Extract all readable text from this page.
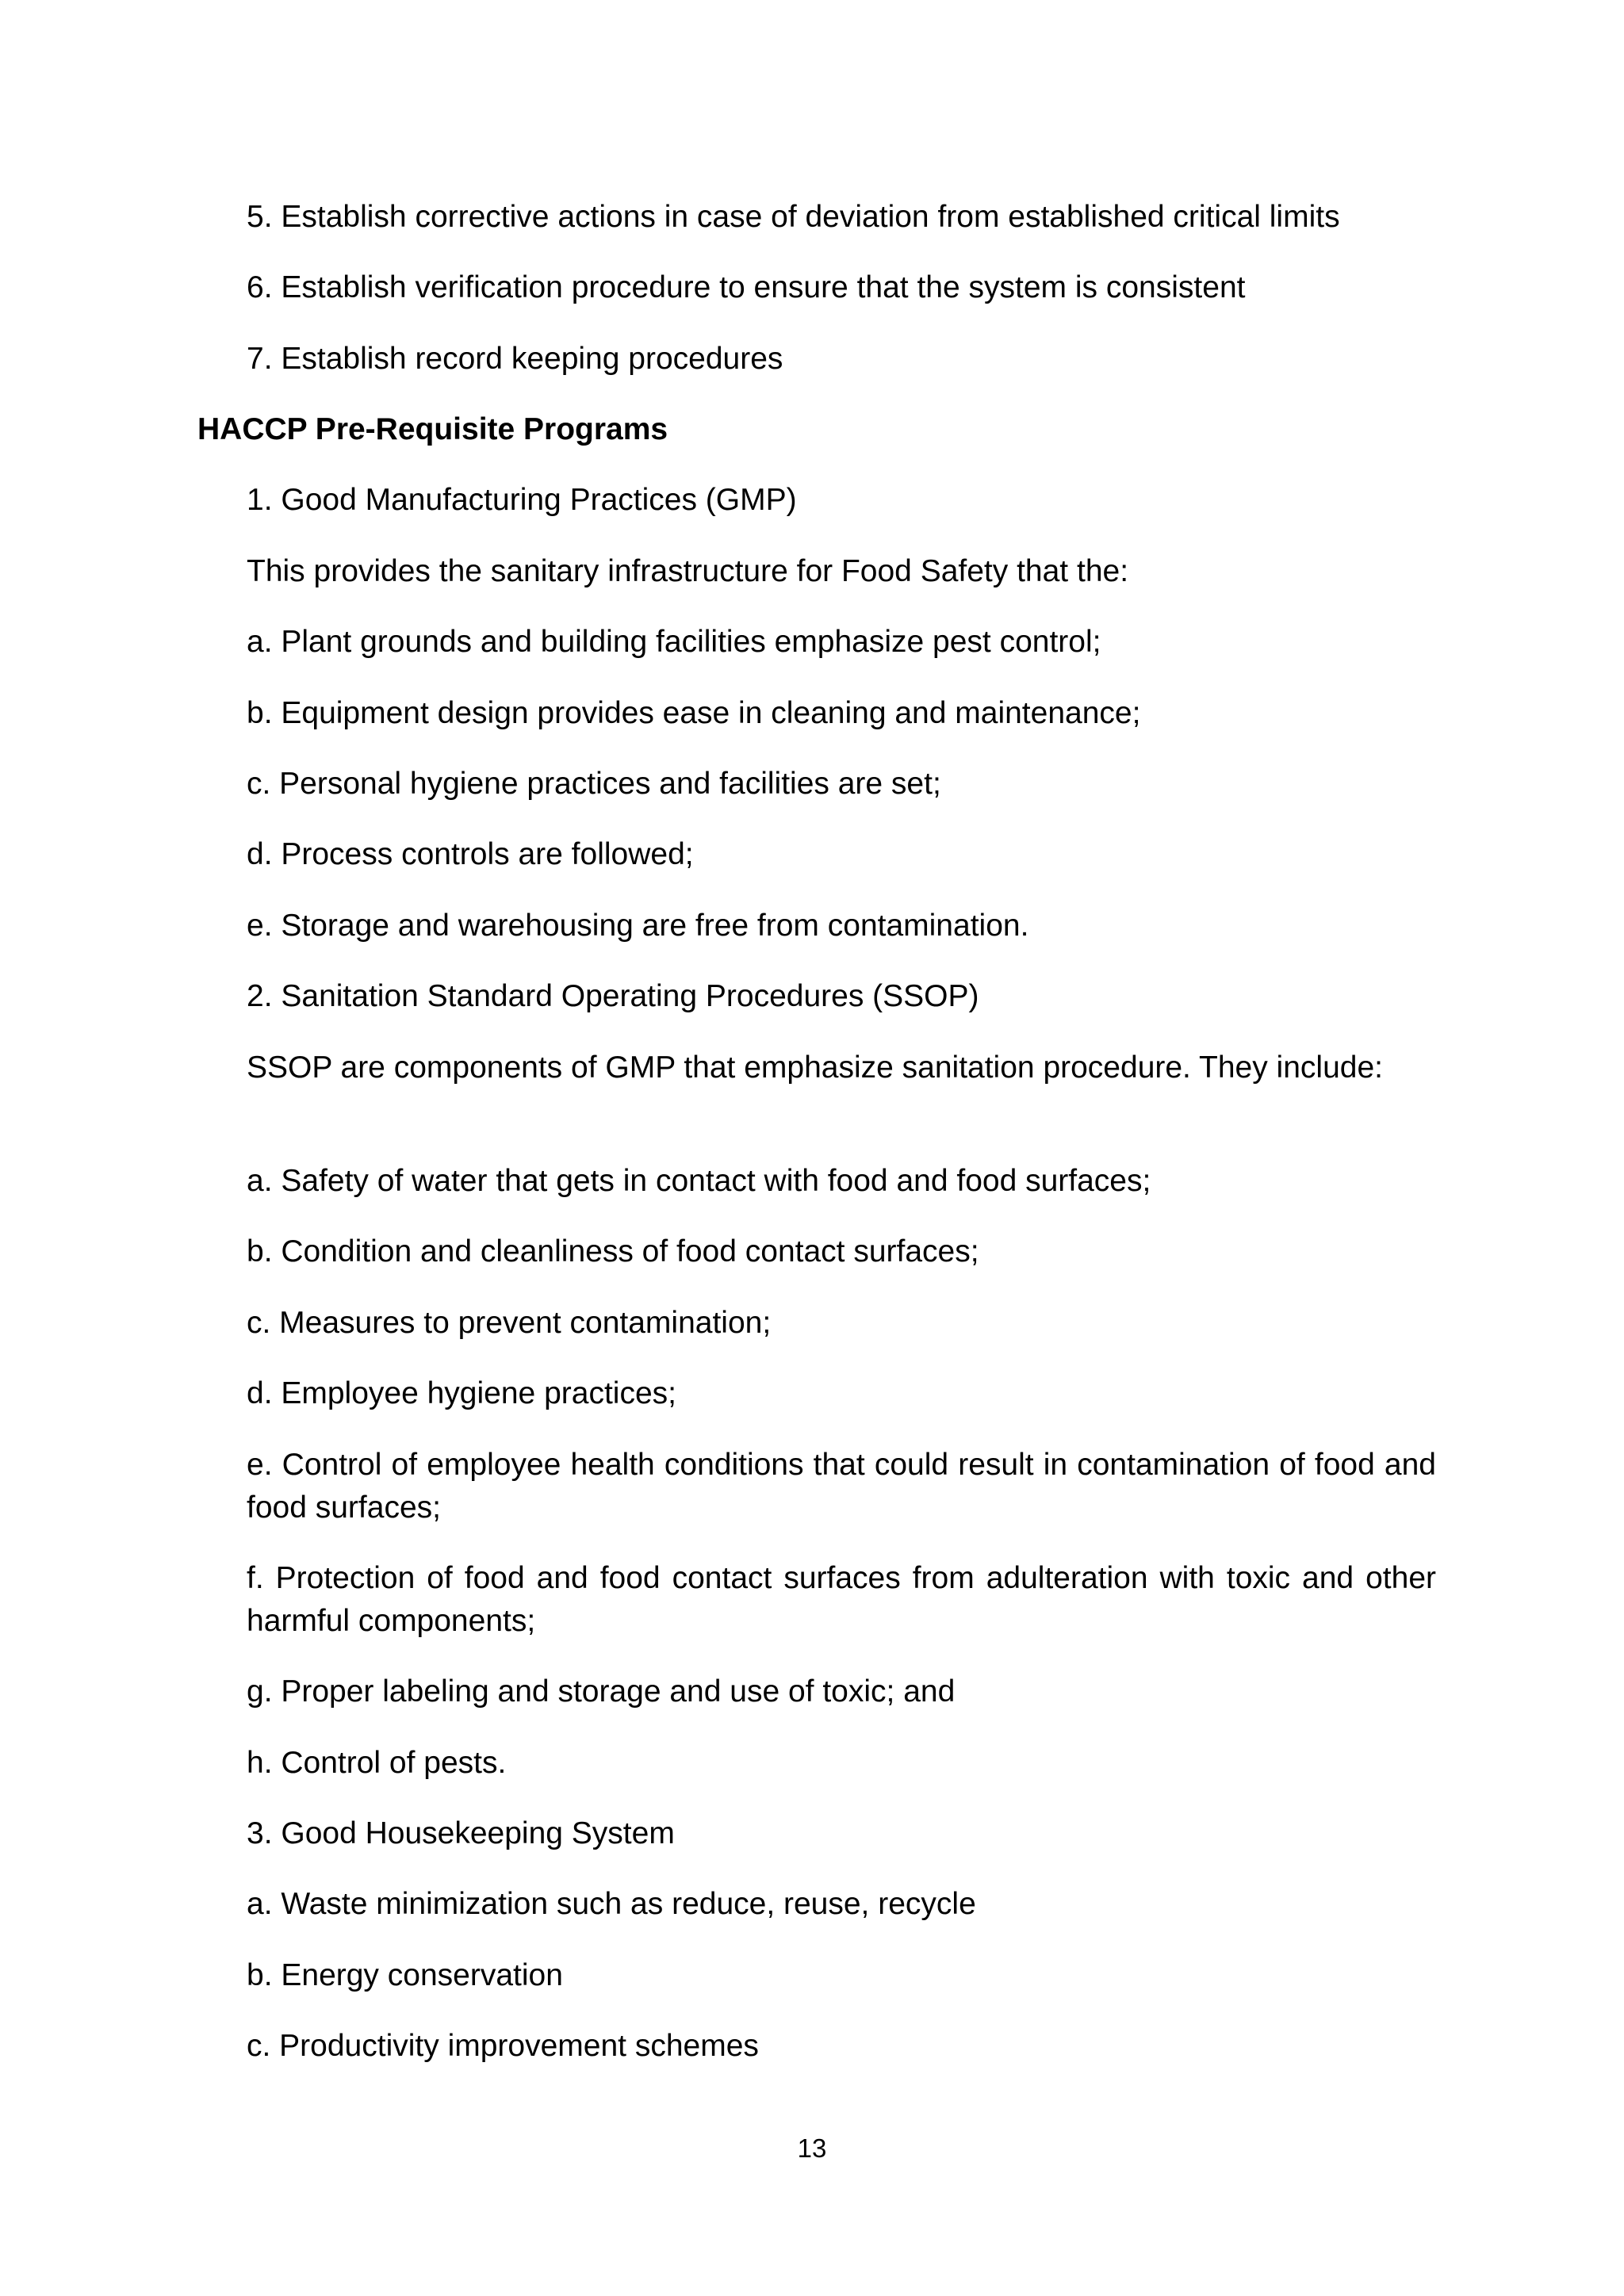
5. Establish corrective actions in case of deviation from established critical limits
6. Establish verification procedure to ensure that the system is consistent
7. Establish record keeping procedures
HACCP Pre-Requisite Programs
1. Good Manufacturing Practices (GMP)
This provides the sanitary infrastructure for Food Safety that the:
a. Plant grounds and building facilities emphasize pest control;
b. Equipment design provides ease in cleaning and maintenance;
c. Personal hygiene practices and facilities are set;
d. Process controls are followed;
e. Storage and warehousing are free from contamination.
2. Sanitation Standard Operating Procedures (SSOP)
SSOP are components of GMP that emphasize sanitation procedure. They include:
a. Safety of water that gets in contact with food and food surfaces;
b. Condition and cleanliness of food contact surfaces;
c. Measures to prevent contamination;
d. Employee hygiene practices;
e. Control of employee health conditions that could result in contamination of food and food surfaces;
f. Protection of food and food contact surfaces from adulteration with toxic and other harmful components;
g. Proper labeling and storage and use of toxic; and
h. Control of pests.
3. Good Housekeeping System
a. Waste minimization such as reduce, reuse, recycle
b. Energy conservation
c. Productivity improvement schemes
13
